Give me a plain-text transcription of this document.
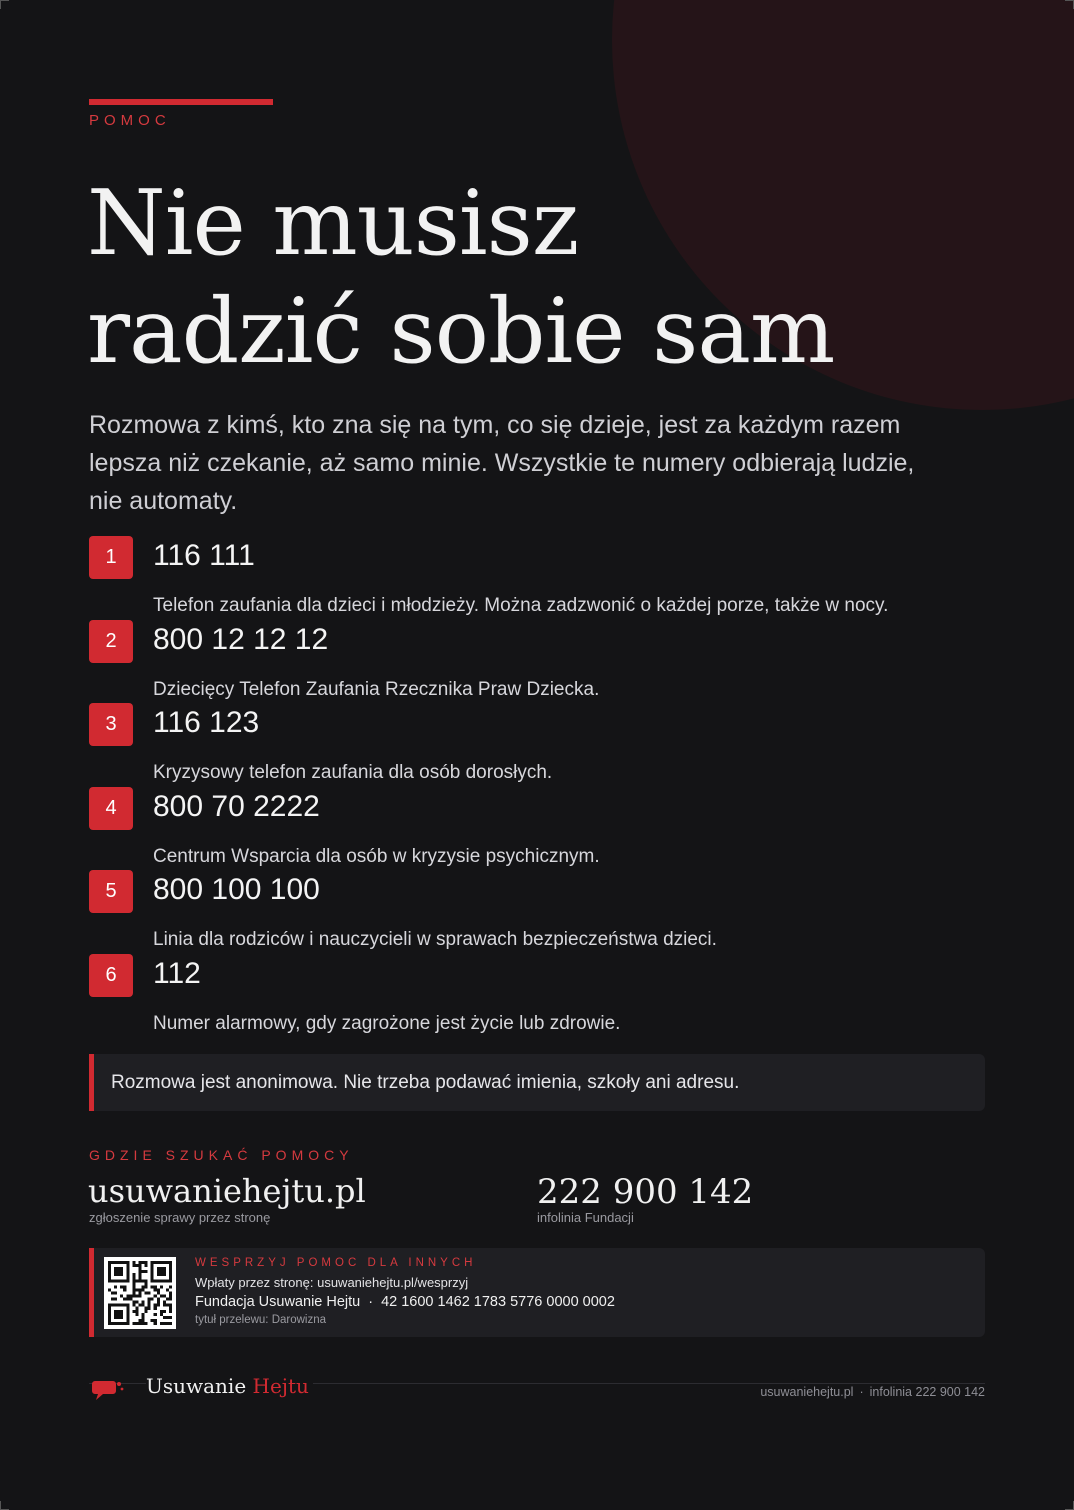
POMOC
Nie musisz
radzić sobie sam

Rozmowa z kimś, kto zna się na tym, co się dzieje, jest za każdym razem lepsza niż czekanie, aż samo minie. Wszystkie te numery odbierają ludzie, nie automaty.

1	116 111
Telefon zaufania dla dzieci i młodzieży. Można zadzwonić o każdej porze, także w nocy.
2	800 12 12 12
Dziecięcy Telefon Zaufania Rzecznika Praw Dziecka.
3	116 123
Kryzysowy telefon zaufania dla osób dorosłych.
4	800 70 2222
Centrum Wsparcia dla osób w kryzysie psychicznym.
5	800 100 100
Linia dla rodziców i nauczycieli w sprawach bezpieczeństwa dzieci.
6	112
Numer alarmowy, gdy zagrożone jest życie lub zdrowie.
Rozmowa jest anonimowa. Nie trzeba podawać imienia, szkoły ani adresu.
GDZIE SZUKAĆ POMOCY
usuwaniehejtu.pl
zgłoszenie sprawy przez stronę
222 900 142
infolinia Fundacji
WESPRZYJ POMOC DLA INNYCH
Wpłaty przez stronę: usuwaniehejtu.pl/wesprzyj
Fundacja Usuwanie Hejtu · 42 1600 1462 1783 5776 0000 0002
tytuł przelewu: Darowizna
Usuwanie Hejtu	usuwaniehejtu.pl · infolinia 222 900 142
